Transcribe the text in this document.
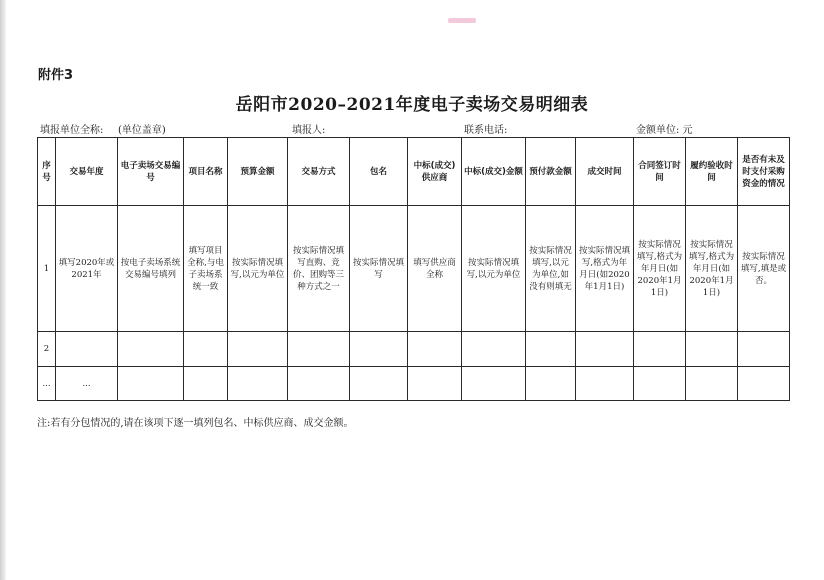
附件3
岳阳市2020–2021年度电子卖场交易明细表
填报单位全称: (单位盖章)	填报人:	联系电话:	金额单位: 元
序号	交易年度	电子卖场交易编号	项目名称	预算金额	交易方式	包名	中标(成交)供应商	中标(成交)金额	预付款金额	成交时间	合同签订时间	履约验收时间	是否有未及时支付采购资金的情况
1	填写2020年或2021年	按电子卖场系统交易编号填列	填写项目全称,与电子卖场系统一致	按实际情况填写,以元为单位	按实际情况填写直购、竞价、团购等三种方式之一	按实际情况填写	填写供应商全称	按实际情况填写,以元为单位	按实际情况填写,以元为单位,如没有则填无	按实际情况填写,格式为年月日(如2020年1月1日)	按实际情况填写,格式为年月日(如2020年1月1日)	按实际情况填写,格式为年月日(如2020年1月1日)	按实际情况填写,填是或否。
2													
...	...												
注:若有分包情况的,请在该项下逐一填列包名、中标供应商、成交金额。
